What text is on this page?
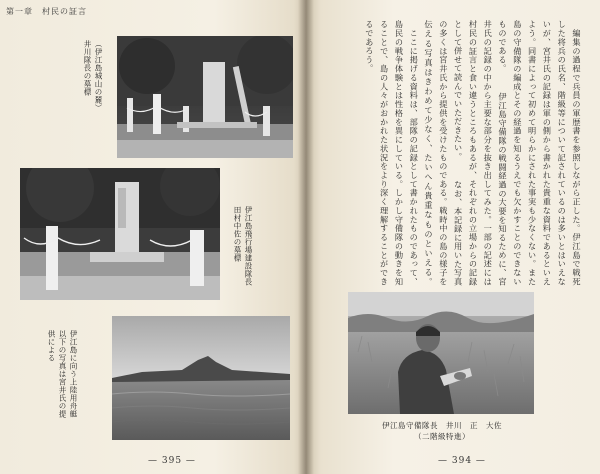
第一章　村民の証言
（伊江島城山の麓）
井川隊長の墓標
伊江島飛行場建設隊長
田村中佐の墓標
伊江島に向う上陸用舟艇
以下の写真は宮井氏の提
供による
— 395 —
　編集の過程で兵員の軍歴書を参照しながら正した。伊江島で戦死した将兵の氏名、階級等について記されているのは多いとはいえないが、宮井氏の記録は軍の側から書かれた貴重な資料であるといえよう。同書によって初めて明らかにされた事実も少なくない。また島の守備隊の編成とその経過を知るうえでも欠かすことのできないものである。 　伊江島守備隊の戦闘経過の大要を知るために、宮井氏の記録の中から主要な部分を抜き出してみた。一部の記述には村民の証言と食い違うところもあるが、それぞれの立場からの記録として併せて読んでいただきたい。 　なお、本記録に用いた写真の多くは宮井氏から提供を受けたものである。戦時中の島の様子を伝える写真はきわめて少なく、たいへん貴重なものといえる。 　ここに掲げる資料は、部隊の記録として書かれたものであって、島民の戦争体験とは性格を異にしている。しかし守備隊の動きを知ることで、島の人々がおかれた状況をより深く理解することができるであろう。
伊江島守備隊長　井川　正　大佐
（二階級特進）
— 394 —
